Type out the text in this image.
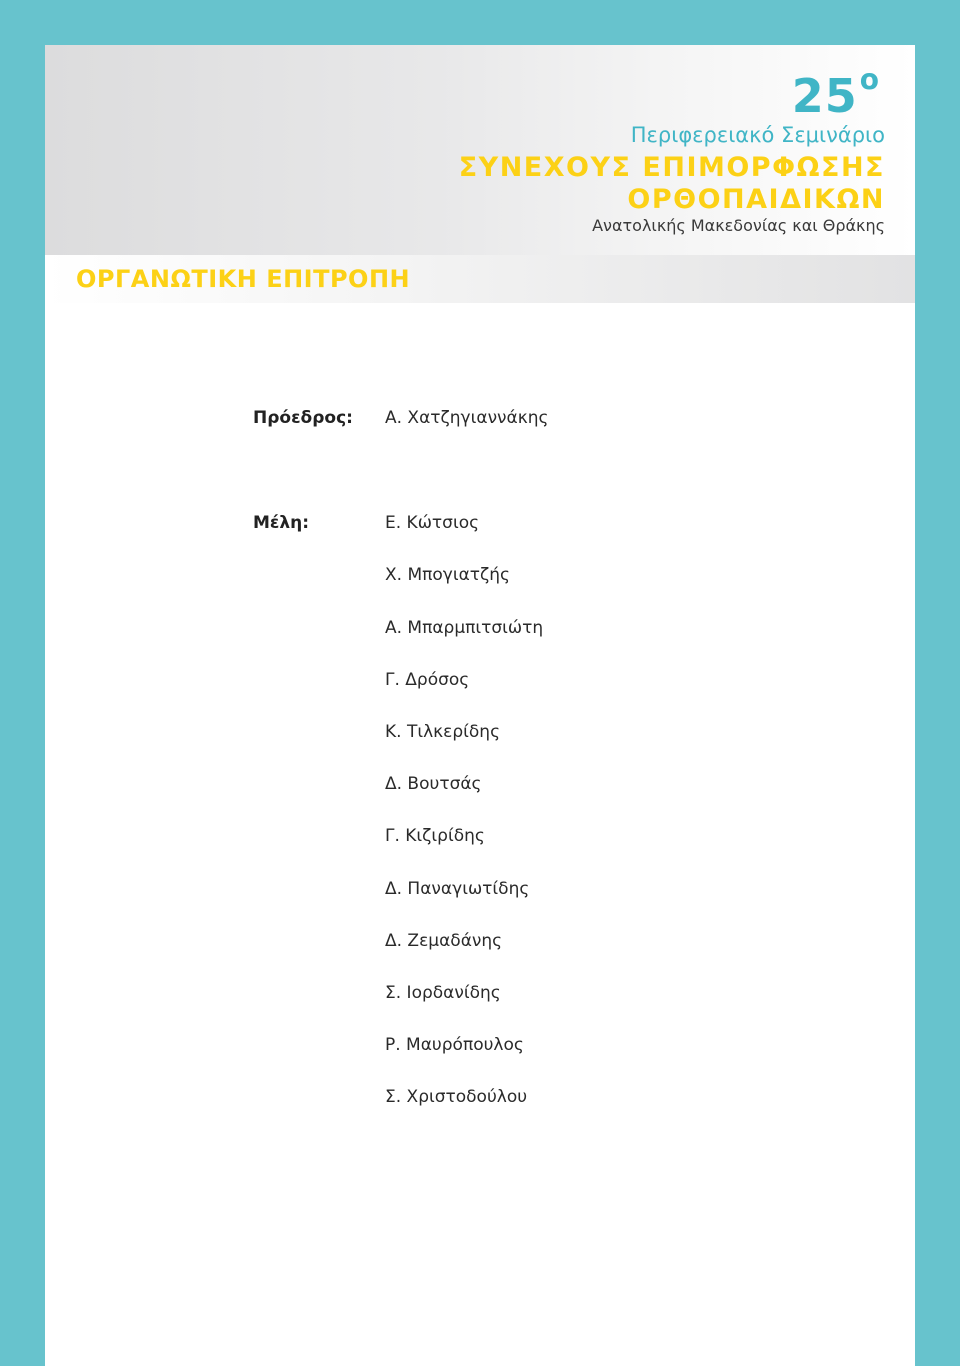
25ο
Περιφερειακό Σεμινάριο
ΣΥΝΕΧΟΥΣ ΕΠΙΜΟΡΦΩΣΗΣ
ΟΡΘΟΠΑΙΔΙΚΩΝ
Ανατολικής Μακεδονίας και Θράκης
ΟΡΓΑΝΩΤΙΚΗ ΕΠΙΤΡΟΠΗ
Πρόεδρος: Α. Χατζηγιαννάκης
Μέλη:	Ε. Κώτσιος
Χ. Μπογιατζής
Α. Μπαρμπιτσιώτη
Γ. Δρόσος
Κ. Τιλκερίδης
Δ. Βουτσάς
Γ. Κιζιρίδης
Δ. Παναγιωτίδης
Δ. Ζεμαδάνης
Σ. Ιορδανίδης
Ρ. Μαυρόπουλος
Σ. Χριστοδούλου
